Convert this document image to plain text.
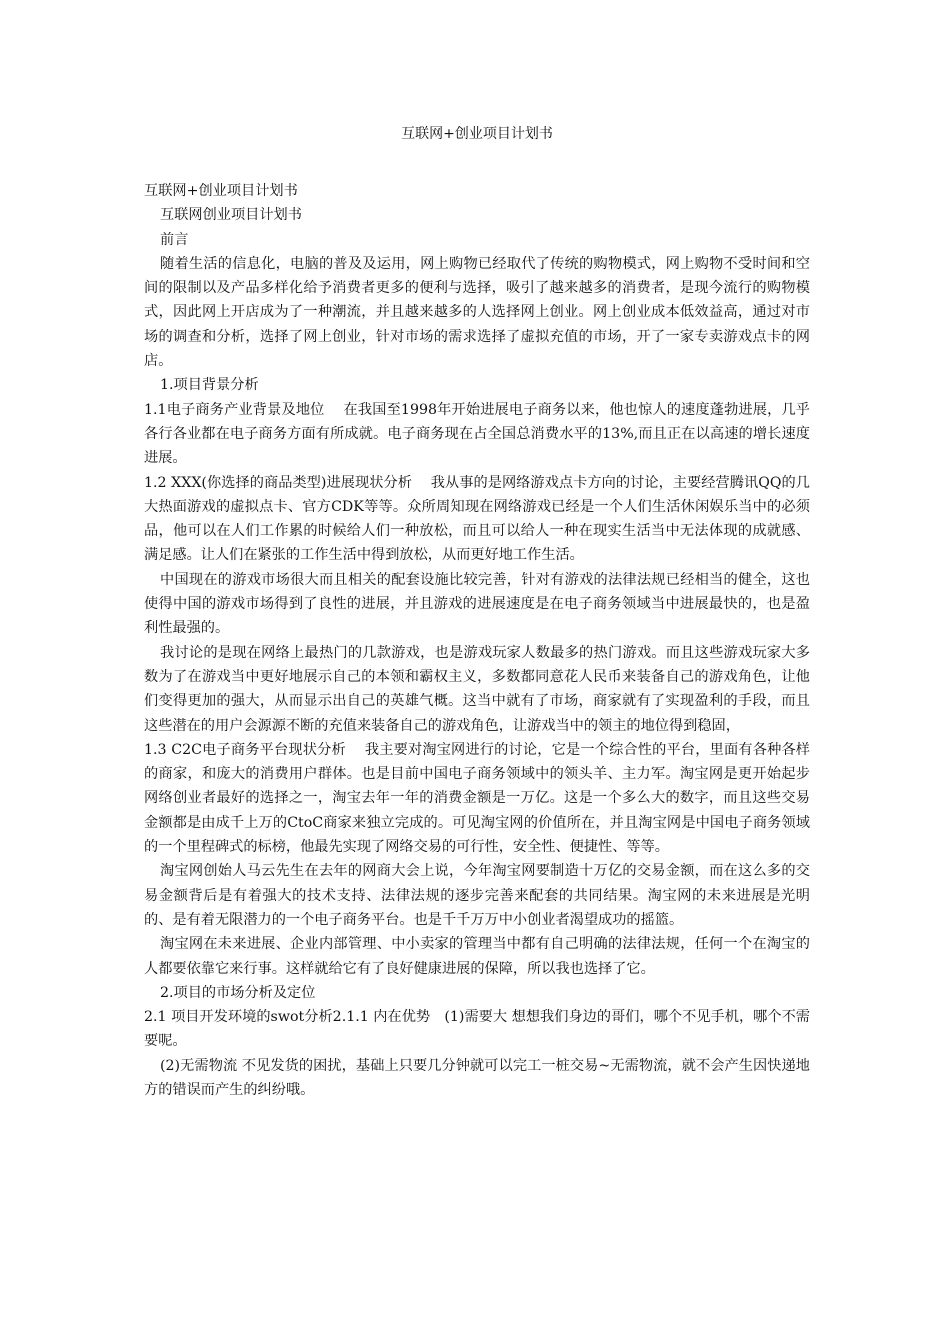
互联网+创业项目计划书

互联网+创业项目计划书

互联网创业项目计划书

前言

随着生活的信息化，电脑的普及及运用，网上购物已经取代了传统的购物模式，网上购物不受时间和空间的限制以及产品多样化给予消费者更多的便利与选择，吸引了越来越多的消费者，是现今流行的购物模式，因此网上开店成为了一种潮流，并且越来越多的人选择网上创业。网上创业成本低效益高，通过对市场的调查和分析，选择了网上创业，针对市场的需求选择了虚拟充值的市场，开了一家专卖游戏点卡的网店。

1.项目背景分析

1.1电子商务产业背景及地位　 在我国至1998年开始进展电子商务以来，他也惊人的速度蓬勃进展，几乎各行各业都在电子商务方面有所成就。电子商务现在占全国总消费水平的13%,而且正在以高速的增长速度进展。

1.2 XXX(你选择的商品类型)进展现状分析　 我从事的是网络游戏点卡方向的讨论，主要经营腾讯QQ的几大热面游戏的虚拟点卡、官方CDK等等。众所周知现在网络游戏已经是一个人们生活休闲娱乐当中的必须品，他可以在人们工作累的时候给人们一种放松，而且可以给人一种在现实生活当中无法体现的成就感、满足感。让人们在紧张的工作生活中得到放松，从而更好地工作生活。

中国现在的游戏市场很大而且相关的配套设施比较完善，针对有游戏的法律法规已经相当的健全，这也使得中国的游戏市场得到了良性的进展，并且游戏的进展速度是在电子商务领域当中进展最快的，也是盈利性最强的。

我讨论的是现在网络上最热门的几款游戏，也是游戏玩家人数最多的热门游戏。而且这些游戏玩家大多数为了在游戏当中更好地展示自己的本领和霸权主义，多数都同意花人民币来装备自己的游戏角色，让他们变得更加的强大，从而显示出自己的英雄气概。这当中就有了市场，商家就有了实现盈利的手段，而且这些潜在的用户会源源不断的充值来装备自己的游戏角色，让游戏当中的领主的地位得到稳固，

1.3 C2C电子商务平台现状分析　 我主要对淘宝网进行的讨论，它是一个综合性的平台，里面有各种各样的商家，和庞大的消费用户群体。也是目前中国电子商务领域中的领头羊、主力军。淘宝网是更开始起步网络创业者最好的选择之一，淘宝去年一年的消费金额是一万亿。这是一个多么大的数字，而且这些交易金额都是由成千上万的CtoC商家来独立完成的。可见淘宝网的价值所在，并且淘宝网是中国电子商务领域的一个里程碑式的标榜，他最先实现了网络交易的可行性，安全性、便捷性、等等。

淘宝网创始人马云先生在去年的网商大会上说，今年淘宝网要制造十万亿的交易金额，而在这么多的交易金额背后是有着强大的技术支持、法律法规的逐步完善来配套的共同结果。淘宝网的未来进展是光明的、是有着无限潜力的一个电子商务平台。也是千千万万中小创业者渴望成功的摇篮。

淘宝网在未来进展、企业内部管理、中小卖家的管理当中都有自己明确的法律法规，任何一个在淘宝的人都要依靠它来行事。这样就给它有了良好健康进展的保障，所以我也选择了它。

2.项目的市场分析及定位

2.1 项目开发环境的swot分析2.1.1 内在优势　(1)需要大 想想我们身边的哥们，哪个不见手机，哪个不需要呢。

(2)无需物流 不见发货的困扰，基础上只要几分钟就可以完工一桩交易~无需物流，就不会产生因快递地方的错误而产生的纠纷哦。
